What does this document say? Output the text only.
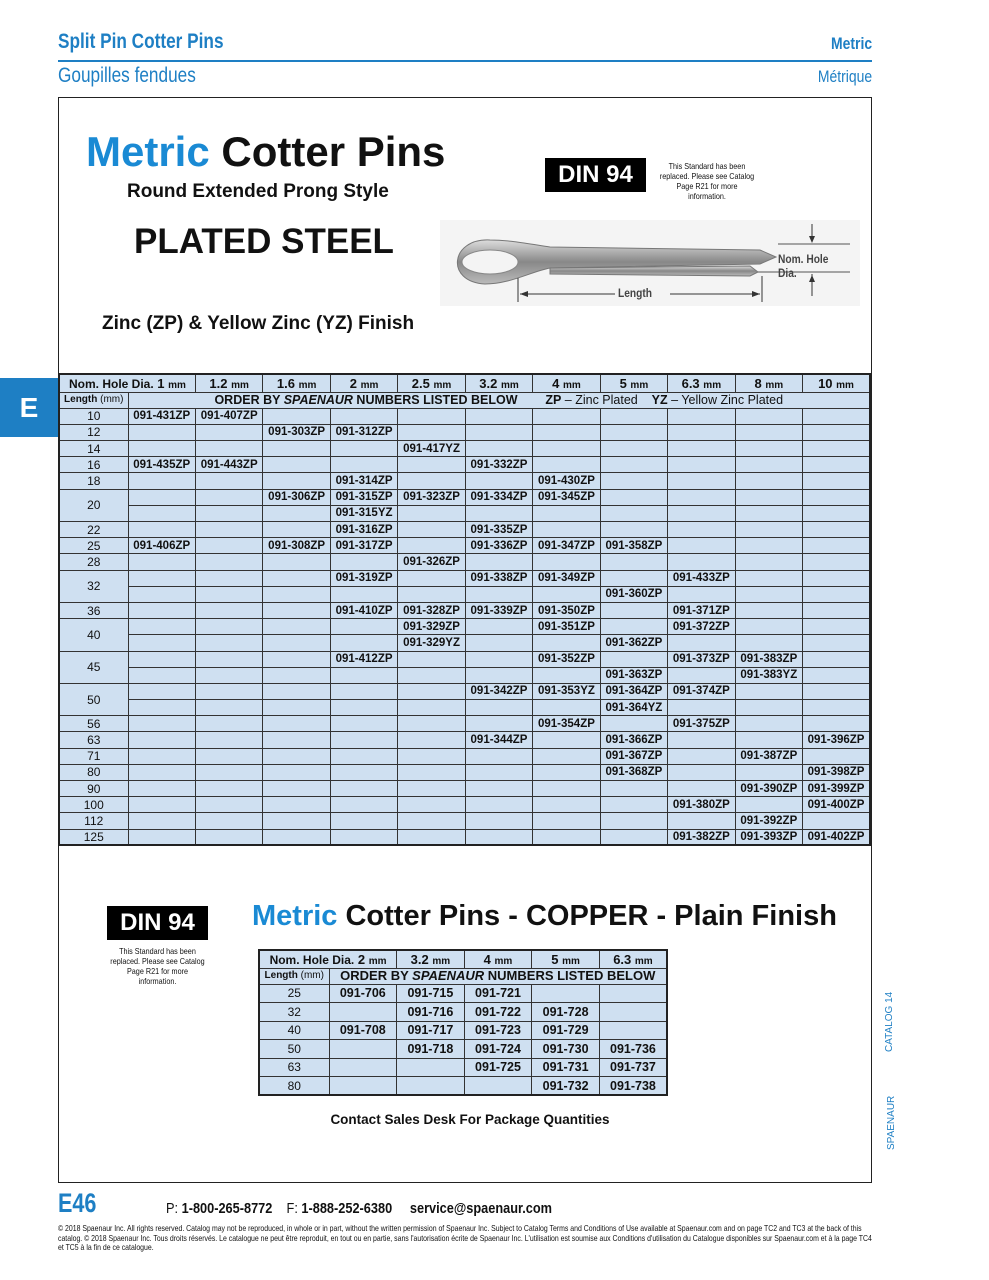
Split Pin Cotter Pins	Metric
Goupilles fendues	Métrique
E
Metric Cotter Pins
Round Extended Prong Style
PLATED STEEL
Zinc (ZP) & Yellow Zinc (YZ) Finish
DIN 94	This Standard has been replaced. Please see Catalog Page R21 for more information.
Nom. Hole Dia.
Length
Nom. Hole Dia. 1 mm		1.2 mm	1.6 mm	2 mm	2.5 mm	3.2 mm	4 mm	5 mm	6.3 mm	8 mm	10 mm
Length (mm)	ORDER BY SPAENAUR NUMBERS LISTED BELOW ZP – Zinc Plated YZ – Yellow Zinc Plated										
10	091-431ZP	091-407ZP									
12			091-303ZP	091-312ZP							
14					091-417YZ						
16	091-435ZP	091-443ZP				091-332ZP					
18				091-314ZP			091-430ZP				
20			091-306ZP	091-315ZP	091-323ZP	091-334ZP	091-345ZP				
				091-315YZ							
22				091-316ZP		091-335ZP					
25	091-406ZP		091-308ZP	091-317ZP		091-336ZP	091-347ZP	091-358ZP			
28					091-326ZP						
32				091-319ZP		091-338ZP	091-349ZP		091-433ZP		
								091-360ZP			
36				091-410ZP	091-328ZP	091-339ZP	091-350ZP		091-371ZP		
40					091-329ZP		091-351ZP		091-372ZP		
					091-329YZ			091-362ZP			
45				091-412ZP			091-352ZP		091-373ZP	091-383ZP	
								091-363ZP		091-383YZ	
50						091-342ZP	091-353YZ	091-364ZP	091-374ZP		
								091-364YZ			
56							091-354ZP		091-375ZP		
63						091-344ZP		091-366ZP			091-396ZP
71								091-367ZP		091-387ZP	
80								091-368ZP			091-398ZP
90										091-390ZP	091-399ZP
100									091-380ZP		091-400ZP
112										091-392ZP	
125									091-382ZP	091-393ZP	091-402ZP
DIN 94
This Standard has been replaced. Please see Catalog Page R21 for more information.
Metric Cotter Pins - COPPER - Plain Finish
Nom. Hole Dia. 2 mm		3.2 mm	4 mm	5 mm	6.3 mm
Length (mm)	ORDER BY SPAENAUR NUMBERS LISTED BELOW				
25	091-706	091-715	091-721		
32		091-716	091-722	091-728	
40	091-708	091-717	091-723	091-729	
50		091-718	091-724	091-730	091-736
63			091-725	091-731	091-737
80				091-732	091-738
Contact Sales Desk For Package Quantities
CATALOG 14
SPAENAUR
E46	P: 1-800-265-8772 F: 1-888-252-6380 service@spaenaur.com
© 2018 Spaenaur Inc. All rights reserved. Catalog may not be reproduced, in whole or in part, without the written permission of Spaenaur Inc. Subject to Catalog Terms and Conditions of Use available at Spaenaur.com and on page TC2 and TC3 at the back of this catalog. © 2018 Spaenaur Inc. Tous droits réservés. Le catalogue ne peut être reproduit, en tout ou en partie, sans l'autorisation écrite de Spaenaur Inc. L'utilisation est soumise aux Conditions d'utilisation du Catalogue disponibles sur Spaenaur.com et à la page TC4 et TC5 à la fin de ce catalogue.
